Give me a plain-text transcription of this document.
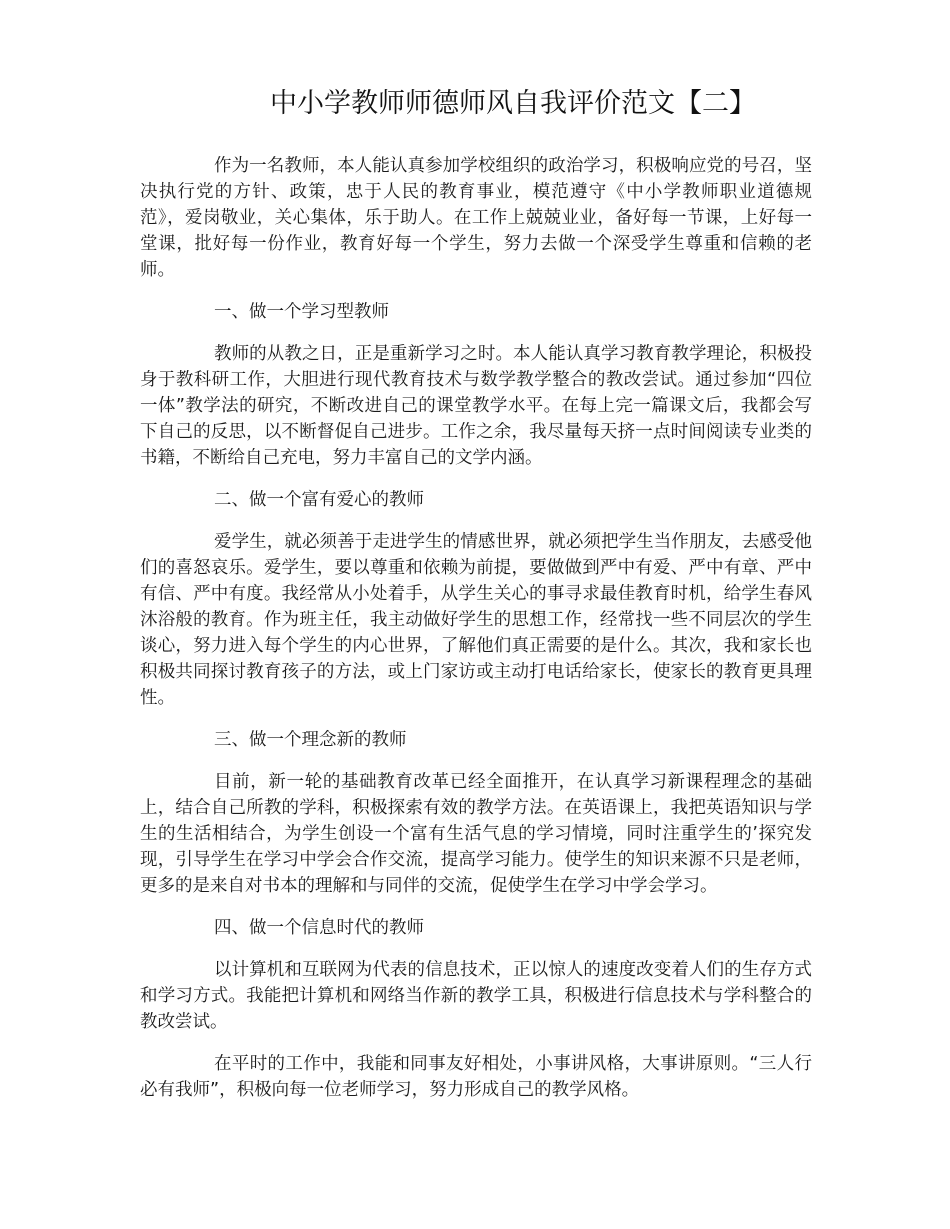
中小学教师师德师风自我评价范文【二】

作为一名教师，本人能认真参加学校组织的政治学习，积极响应党的号召，坚决执行党的方针、政策，忠于人民的教育事业，模范遵守《中小学教师职业道德规范》，爱岗敬业，关心集体，乐于助人。在工作上兢兢业业，备好每一节课，上好每一堂课，批好每一份作业，教育好每一个学生，努力去做一个深受学生尊重和信赖的老师。

一、做一个学习型教师

教师的从教之日，正是重新学习之时。本人能认真学习教育教学理论，积极投身于教科研工作，大胆进行现代教育技术与数学教学整合的教改尝试。通过参加“四位一体”教学法的研究，不断改进自己的课堂教学水平。在每上完一篇课文后，我都会写下自己的反思，以不断督促自己进步。工作之余，我尽量每天挤一点时间阅读专业类的书籍，不断给自己充电，努力丰富自己的文学内涵。

二、做一个富有爱心的教师

爱学生，就必须善于走进学生的情感世界，就必须把学生当作朋友，去感受他们的喜怒哀乐。爱学生，要以尊重和依赖为前提，要做做到严中有爱、严中有章、严中有信、严中有度。我经常从小处着手，从学生关心的事寻求最佳教育时机，给学生春风沐浴般的教育。作为班主任，我主动做好学生的思想工作，经常找一些不同层次的学生谈心，努力进入每个学生的内心世界，了解他们真正需要的是什么。其次，我和家长也积极共同探讨教育孩子的方法，或上门家访或主动打电话给家长，使家长的教育更具理性。

三、做一个理念新的教师

目前，新一轮的基础教育改革已经全面推开，在认真学习新课程理念的基础上，结合自己所教的学科，积极探索有效的教学方法。在英语课上，我把英语知识与学生的生活相结合，为学生创设一个富有生活气息的学习情境，同时注重学生的’探究发现，引导学生在学习中学会合作交流，提高学习能力。使学生的知识来源不只是老师，更多的是来自对书本的理解和与同伴的交流，促使学生在学习中学会学习。

四、做一个信息时代的教师

以计算机和互联网为代表的信息技术，正以惊人的速度改变着人们的生存方式和学习方式。我能把计算机和网络当作新的教学工具，积极进行信息技术与学科整合的教改尝试。

在平时的工作中，我能和同事友好相处，小事讲风格，大事讲原则。“三人行必有我师”，积极向每一位老师学习，努力形成自己的教学风格。
